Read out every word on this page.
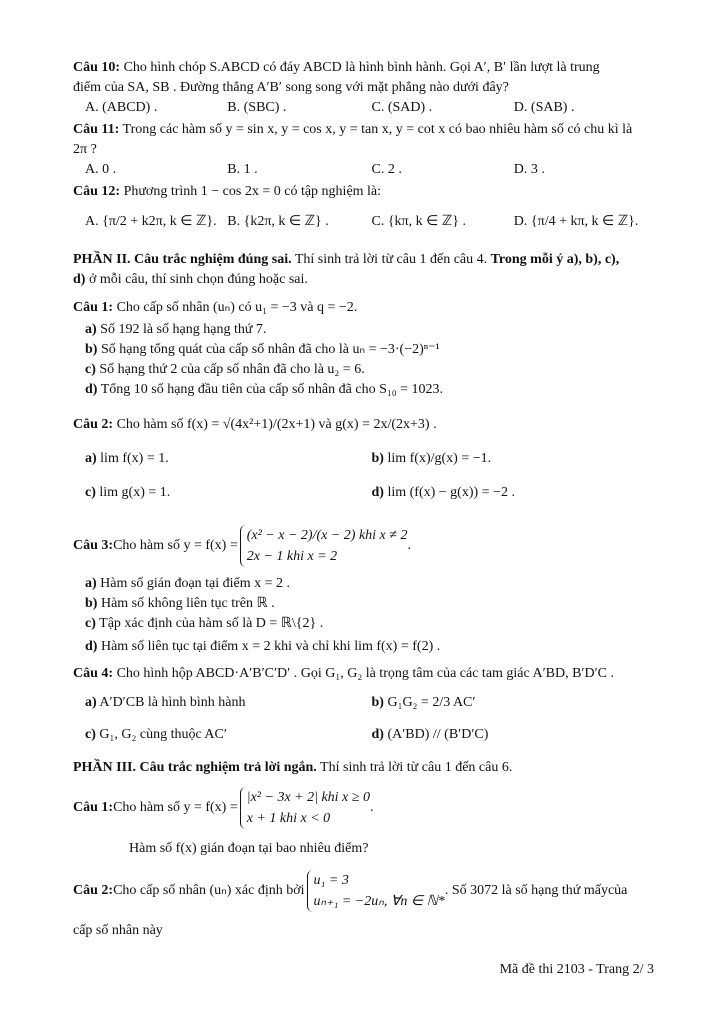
Câu 10: Cho hình chóp S.ABCD có đáy ABCD là hình bình hành. Gọi A′, B′ lần lượt là trung
điểm của SA, SB . Đường thẳng A′B′ song song với mặt phẳng nào dưới đây?
A. (ABCD) .	B. (SBC) .	C. (SAD) .	D. (SAB) .
Câu 11: Trong các hàm số y = sin x, y = cos x, y = tan x, y = cot x có bao nhiêu hàm số có chu kì là
2π ?
A. 0 .	B. 1 .	C. 2 .	D. 3 .
Câu 12: Phương trình 1 − cos 2x = 0 có tập nghiệm là:
A. {π/2 + k2π, k ∈ ℤ}. B. {k2π, k ∈ ℤ} .	C. {kπ, k ∈ ℤ} .	D. {π/4 + kπ, k ∈ ℤ}.
PHẦN II. Câu trắc nghiệm đúng sai. Thí sinh trả lời từ câu 1 đến câu 4. Trong mỗi ý a), b), c),
d) ở mỗi câu, thí sinh chọn đúng hoặc sai.
Câu 1: Cho cấp số nhân (uₙ) có u₁ = −3 và q = −2.
a) Số 192 là số hạng hạng thứ 7.
b) Số hạng tổng quát của cấp số nhân đã cho là uₙ = −3·(−2)ⁿ⁻¹
c) Số hạng thứ 2 của cấp số nhân đã cho là u₂ = 6.
d) Tổng 10 số hạng đầu tiên của cấp số nhân đã cho S₁₀ = 1023.
Câu 2: Cho hàm số f(x) = √(4x²+1)/(2x+1) và g(x) = 2x/(2x+3) .
a) lim f(x) = 1.	b) lim f(x)/g(x) = −1.
c) lim g(x) = 1.	d) lim (f(x) − g(x)) = −2 .
Câu 3: Cho hàm số y = f(x) =
(x² − x − 2)/(x − 2) khi x ≠ 2
2x − 1 khi x = 2
.
a) Hàm số gián đoạn tại điểm x = 2 .
b) Hàm số không liên tục trên ℝ .
c) Tập xác định của hàm số là D = ℝ\{2} .
d) Hàm số liên tục tại điểm x = 2 khi và chỉ khi lim f(x) = f(2) .
Câu 4: Cho hình hộp ABCD·A′B′C′D′ . Gọi G₁, G₂ là trọng tâm của các tam giác A′BD, B′D′C .
a) A′D′CB là hình bình hành	b) G₁G₂ = 2/3 AC′
c) G₁, G₂ cùng thuộc AC′	d) (A′BD) // (B′D′C)
PHẦN III. Câu trắc nghiệm trả lời ngắn. Thí sinh trả lời từ câu 1 đến câu 6.
Câu 1: Cho hàm số y = f(x) =
|x² − 3x + 2| khi x ≥ 0
x + 1 khi x < 0
.
Hàm số f(x) gián đoạn tại bao nhiêu điểm?
Câu 2: Cho cấp số nhân (uₙ) xác định bởi
u₁ = 3
uₙ₊₁ = −2uₙ, ∀n ∈ ℕ*
. Số 3072 là số hạng thứ mấycủa
cấp số nhân này
Mã đề thi 2103 - Trang 2/ 3
